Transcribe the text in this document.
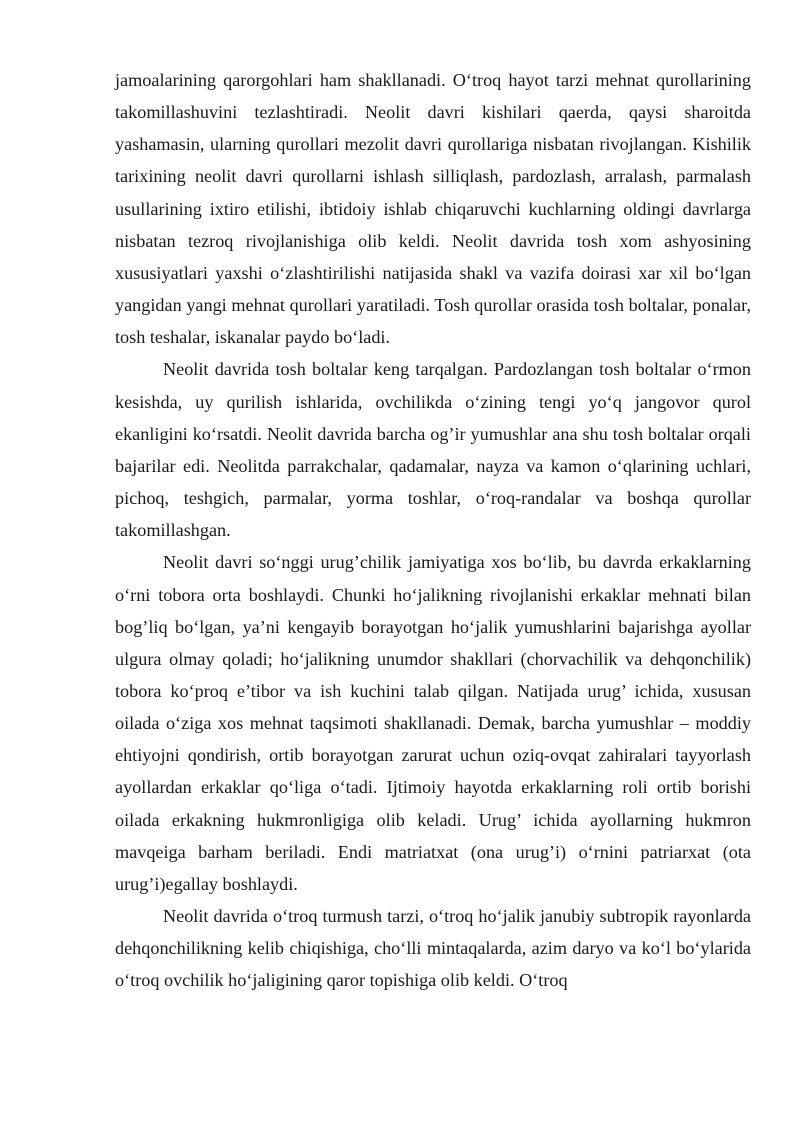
jamoalarining qarorgohlari ham shakllanadi. O‘troq hayot tarzi mehnat qurollarining takomillashuvini tezlashtiradi. Neolit davri kishilari qaerda, qaysi sharoitda yashamasin, ularning qurollari mezolit davri qurollariga nisbatan rivojlangan. Kishilik tarixining neolit davri qurollarni ishlash silliqlash, pardozlash, arralash, parmalash usullarining ixtiro etilishi, ibtidoiy ishlab chiqaruvchi kuchlarning oldingi davrlarga nisbatan tezroq rivojlanishiga olib keldi. Neolit davrida tosh xom ashyosining xususiyatlari yaxshi o‘zlashtirilishi natijasida shakl va vazifa doirasi xar xil bo‘lgan yangidan yangi mehnat qurollari yaratiladi. Tosh qurollar orasida tosh boltalar, ponalar, tosh teshalar, iskanalar paydo bo‘ladi.

Neolit davrida tosh boltalar keng tarqalgan. Pardozlangan tosh boltalar o‘rmon kesishda, uy qurilish ishlarida, ovchilikda o‘zining tengi yo‘q jangovor qurol ekanligini ko‘rsatdi. Neolit davrida barcha og’ir yumushlar ana shu tosh boltalar orqali bajarilar edi. Neolitda parrakchalar, qadamalar, nayza va kamon o‘qlarining uchlari, pichoq, teshgich, parmalar, yorma toshlar, o‘roq-randalar va boshqa qurollar takomillashgan.

Neolit davri so‘nggi urug’chilik jamiyatiga xos bo‘lib, bu davrda erkaklarning o‘rni tobora orta boshlaydi. Chunki ho‘jalikning rivojlanishi erkaklar mehnati bilan bog’liq bo‘lgan, ya’ni kengayib borayotgan ho‘jalik yumushlarini bajarishga ayollar ulgura olmay qoladi; ho‘jalikning unumdor shakllari (chorvachilik va dehqonchilik) tobora ko‘proq e’tibor va ish kuchini talab qilgan. Natijada urug’ ichida, xususan oilada o‘ziga xos mehnat taqsimoti shakllanadi. Demak, barcha yumushlar – moddiy ehtiyojni qondirish, ortib borayotgan zarurat uchun oziq-ovqat zahiralari tayyorlash ayollardan erkaklar qo‘liga o‘tadi. Ijtimoiy hayotda erkaklarning roli ortib borishi oilada erkakning hukmronligiga olib keladi. Urug’ ichida ayollarning hukmron mavqeiga barham beriladi. Endi matriatxat (ona urug’i) o‘rnini patriarxat (ota urug’i)egallay boshlaydi.

Neolit davrida o‘troq turmush tarzi, o‘troq ho‘jalik janubiy subtropik rayonlarda dehqonchilikning kelib chiqishiga, cho‘lli mintaqalarda, azim daryo va ko‘l bo‘ylarida o‘troq ovchilik ho‘jaligining qaror topishiga olib keldi. O‘troq
